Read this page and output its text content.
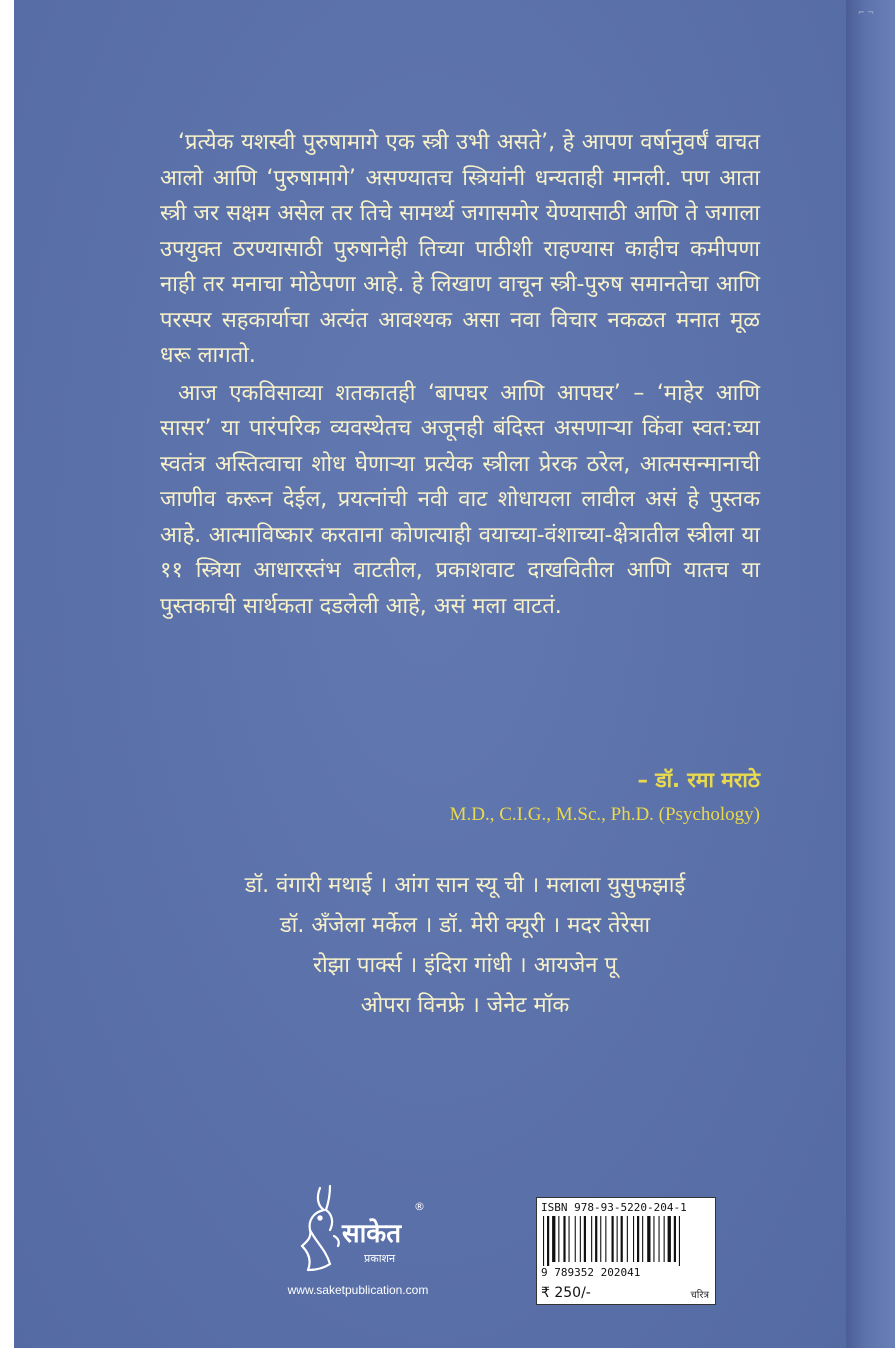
⌐ ¬

‘प्रत्येक यशस्वी पुरुषामागे एक स्त्री उभी असते’, हे आपण वर्षानुवर्षं वाचत आलो आणि ‘पुरुषामागे’ असण्यातच स्त्रियांनी धन्यताही मानली. पण आता स्त्री जर सक्षम असेल तर तिचे सामर्थ्य जगासमोर येण्यासाठी आणि ते जगाला उपयुक्त ठरण्यासाठी पुरुषानेही तिच्या पाठीशी राहण्यास काहीच कमीपणा नाही तर मनाचा मोठेपणा आहे. हे लिखाण वाचून स्त्री-पुरुष समानतेचा आणि परस्पर सहकार्याचा अत्यंत आवश्यक असा नवा विचार नकळत मनात मूळ धरू लागतो.

आज एकविसाव्या शतकातही ‘बापघर आणि आपघर’ – ‘माहेर आणि सासर’ या पारंपरिक व्यवस्थेतच अजूनही बंदिस्त असणाऱ्या किंवा स्वत:च्या स्वतंत्र अस्तित्वाचा शोध घेणाऱ्या प्रत्येक स्त्रीला प्रेरक ठरेल, आत्मसन्मानाची जाणीव करून देईल, प्रयत्नांची नवी वाट शोधायला लावील असं हे पुस्तक आहे. आत्माविष्कार करताना कोणत्याही वयाच्या-वंशाच्या-क्षेत्रातील स्त्रीला या ११ स्त्रिया आधारस्तंभ वाटतील, प्रकाशवाट दाखवितील आणि यातच या पुस्तकाची सार्थकता दडलेली आहे, असं मला वाटतं.

– डॉ. रमा मराठे
M.D., C.I.G., M.Sc., Ph.D. (Psychology)
डॉ. वंगारी मथाई । आंग सान स्यू ची । मलाला युसुफझाई
डॉ. अँजेला मर्केल । डॉ. मेरी क्यूरी । मदर तेरेसा
रोझा पार्क्स । इंदिरा गांधी । आयजेन पू
ओपरा विनफ्रे । जेनेट मॉक
साकेत
प्रकाशन
®
www.saketpublication.com
ISBN 978-93-5220-204-1
9 789352 202041
₹ 250/-	चरित्र
